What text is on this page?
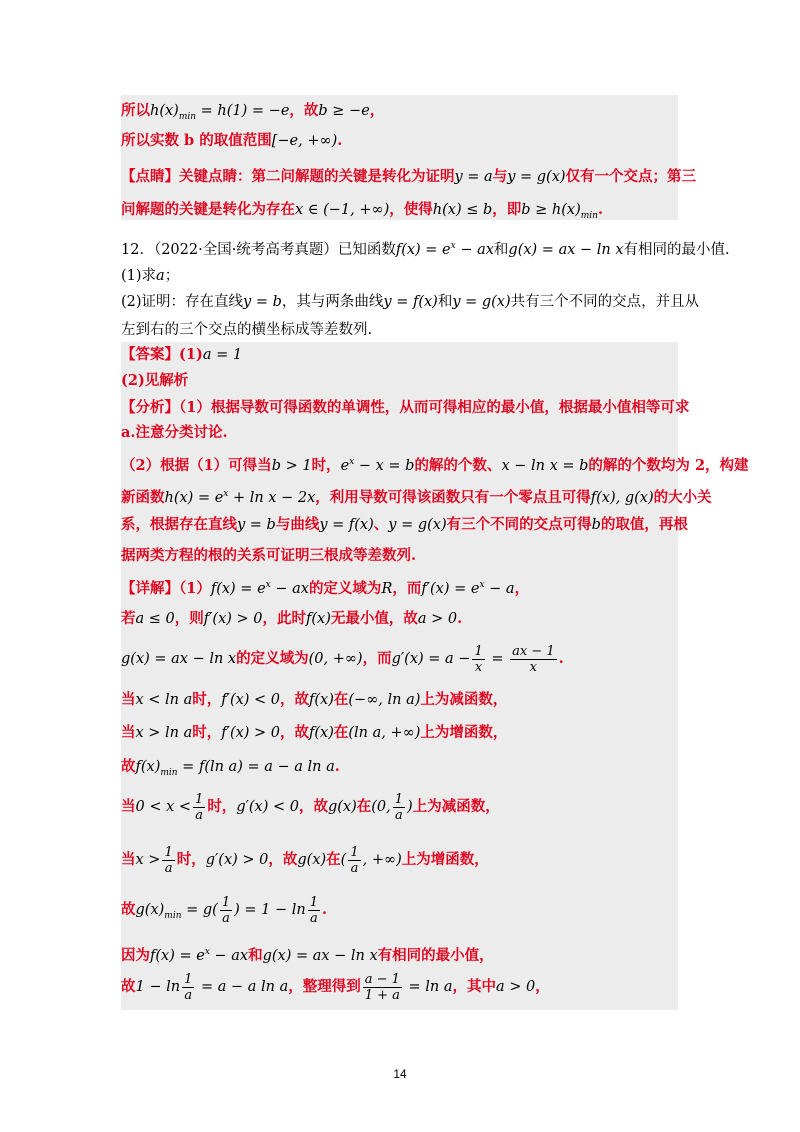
所以$h(x)_{min} = h(1) = -e$，故b ≥ −e，
所以实数 b 的取值范围[−e, +∞).
【点睛】关键点睛：第二问解题的关键是转化为证明y = a与y = g(x)仅有一个交点；第三
问解题的关键是转化为存在x ∈ (−1, +∞)，使得h(x) ≤ b，即$b \ge h(x)_{min}$.
12．（2022·全国·统考高考真题）已知函数$f(x) = e^x$ − ax和g(x) = ax − ln x有相同的最小值.
(1)求a；
(2)证明：存在直线y = b，其与两条曲线y = f(x)和y = g(x)共有三个不同的交点，并且从
左到右的三个交点的横坐标成等差数列.
【答案】(1)a = 1
(2)见解析
【分析】（1）根据导数可得函数的单调性，从而可得相应的最小值，根据最小值相等可求
a.注意分类讨论.
（2）根据（1）可得当b > 1时，$e^x - x = b$的解的个数、x − ln x = b的解的个数均为 2，构建
新函数$h(x) = e^x + \ln x - 2x$，利用导数可得该函数只有一个零点且可得f(x), g(x)的大小关
系，根据存在直线y = b与曲线y = f(x)、y = g(x)有三个不同的交点可得b的取值，再根
据两类方程的根的关系可证明三根成等差数列.
【详解】$(1)f(x) = e^x$ − ax的定义域为R，而$f'(x) = e^x - a$，
若a ≤ 0，则f′(x) > 0，此时f(x)无最小值，故a > 0.
g(x) = ax − ln x的定义域为(0, +∞)，而$g'(x) = a - \frac{1}{x} = \frac{ax - 1}{x}$ .
当x < ln a时，f′(x) < 0，故f(x)在(−∞, ln a)上为减函数，
当x > ln a时，f′(x) > 0，故f(x)在(ln a, +∞)上为增函数，
故$f(x)_{min} = f(\ln$ a) = a − a ln a.
当$0 < x < \frac{1}{a}$ 时，g′(x) < 0，故g(x)在(0, $\frac{1}{a}$ )上为减函数，
当$x > \frac{1}{a}$ 时，g′(x) > 0，故g(x)在( $\frac{1}{a}$ , +∞)上为增函数，
故$g(x)_{min} = g( \frac{1}{a}$ ) = $1 - \ln \frac{1}{a}$ .
因为$f(x) = e^x$ − ax和g(x) = ax − ln x有相同的最小值，
故$1 - \ln \frac{1}{a} = a - a$ ln a，整理得到 $\frac{a - 1}{1 + a} = \ln a$，其中a > 0，
14
